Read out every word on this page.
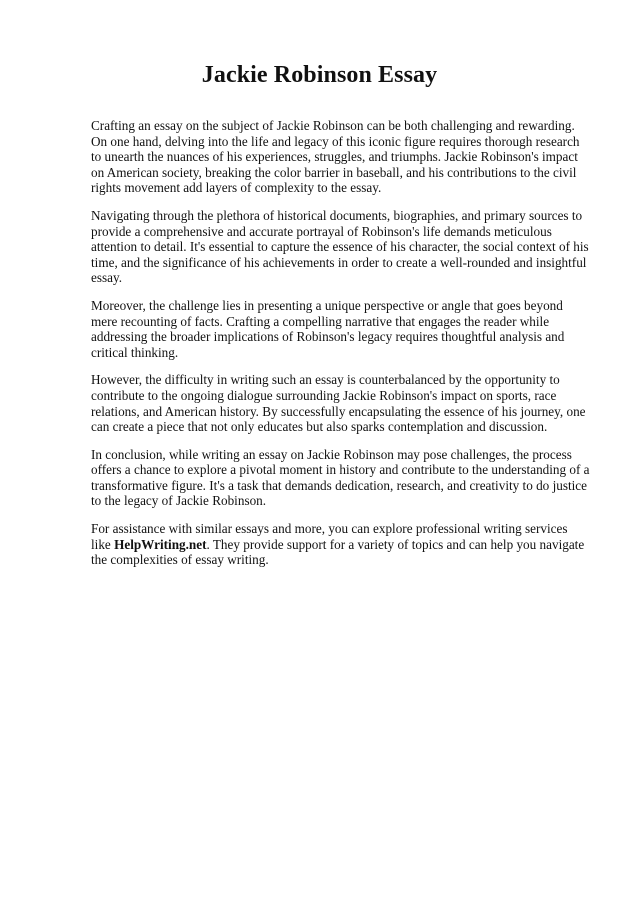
Jackie Robinson Essay

Crafting an essay on the subject of Jackie Robinson can be both challenging and rewarding. On one hand, delving into the life and legacy of this iconic figure requires thorough research to unearth the nuances of his experiences, struggles, and triumphs. Jackie Robinson's impact on American society, breaking the color barrier in baseball, and his contributions to the civil rights movement add layers of complexity to the essay.

Navigating through the plethora of historical documents, biographies, and primary sources to provide a comprehensive and accurate portrayal of Robinson's life demands meticulous attention to detail. It's essential to capture the essence of his character, the social context of his time, and the significance of his achievements in order to create a well-rounded and insightful essay.

Moreover, the challenge lies in presenting a unique perspective or angle that goes beyond mere recounting of facts. Crafting a compelling narrative that engages the reader while addressing the broader implications of Robinson's legacy requires thoughtful analysis and critical thinking.

However, the difficulty in writing such an essay is counterbalanced by the opportunity to contribute to the ongoing dialogue surrounding Jackie Robinson's impact on sports, race relations, and American history. By successfully encapsulating the essence of his journey, one can create a piece that not only educates but also sparks contemplation and discussion.

In conclusion, while writing an essay on Jackie Robinson may pose challenges, the process offers a chance to explore a pivotal moment in history and contribute to the understanding of a transformative figure. It's a task that demands dedication, research, and creativity to do justice to the legacy of Jackie Robinson.

For assistance with similar essays and more, you can explore professional writing services like HelpWriting.net. They provide support for a variety of topics and can help you navigate the complexities of essay writing.
